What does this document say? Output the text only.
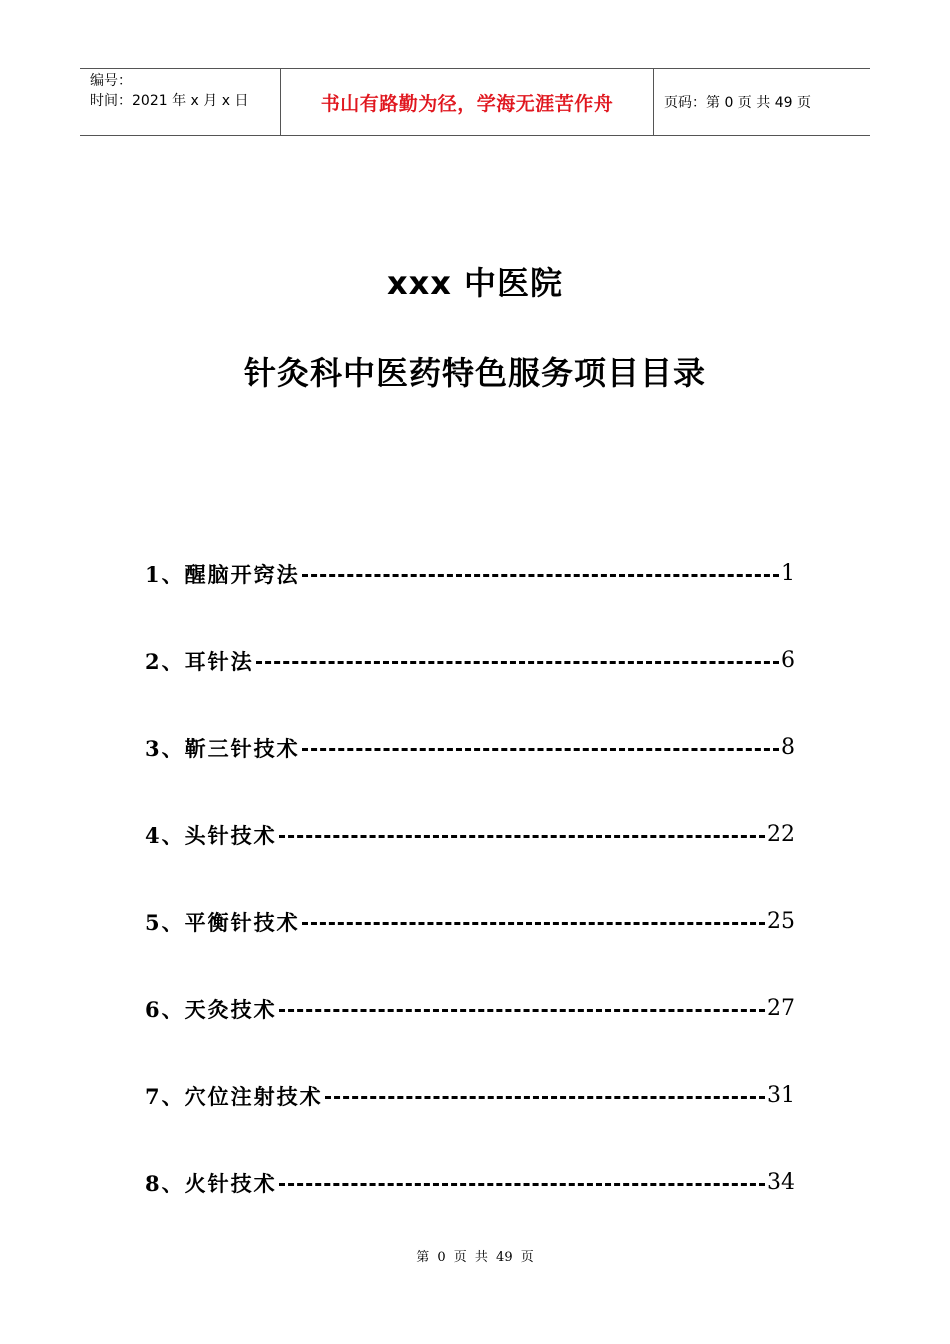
编号：
时间：2021 年 x 月 x 日	书山有路勤为径，学海无涯苦作舟	页码：第 0 页 共 49 页
xxx 中医院
针灸科中医药特色服务项目目录
1、醒脑开窍法	1
2、耳针法	6
3、靳三针技术	8
4、头针技术	22
5、平衡针技术	25
6、天灸技术	27
7、穴位注射技术	31
8、火针技术	34
第 0 页 共 49 页
